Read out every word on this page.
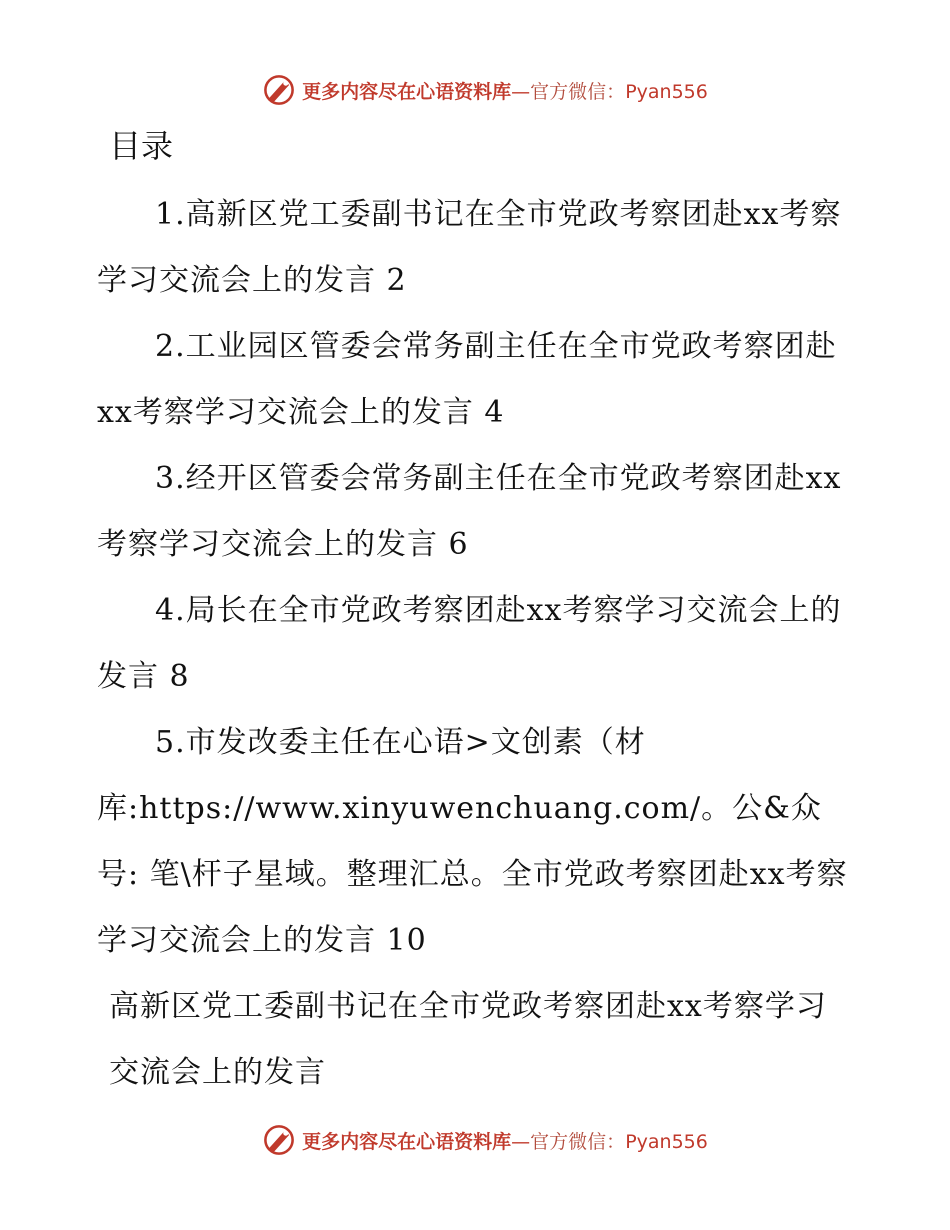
更多内容尽在心语资料库—官方微信：Pyan556
目录

1.高新区党工委副书记在全市党政考察团赴xx考察学习交流会上的发言 2

2.工业园区管委会常务副主任在全市党政考察团赴xx考察学习交流会上的发言 4

3.经开区管委会常务副主任在全市党政考察团赴xx考察学习交流会上的发言 6

4.局长在全市党政考察团赴xx考察学习交流会上的发言 8

5.市发改委主任在心语>文创素（材库:https://www.xinyuwenchuang.com/。公&众号: 笔\杆子星域。整理汇总。全市党政考察团赴xx考察学习交流会上的发言 10

高新区党工委副书记在全市党政考察团赴xx考察学习交流会上的发言

更多内容尽在心语资料库—官方微信：Pyan556
